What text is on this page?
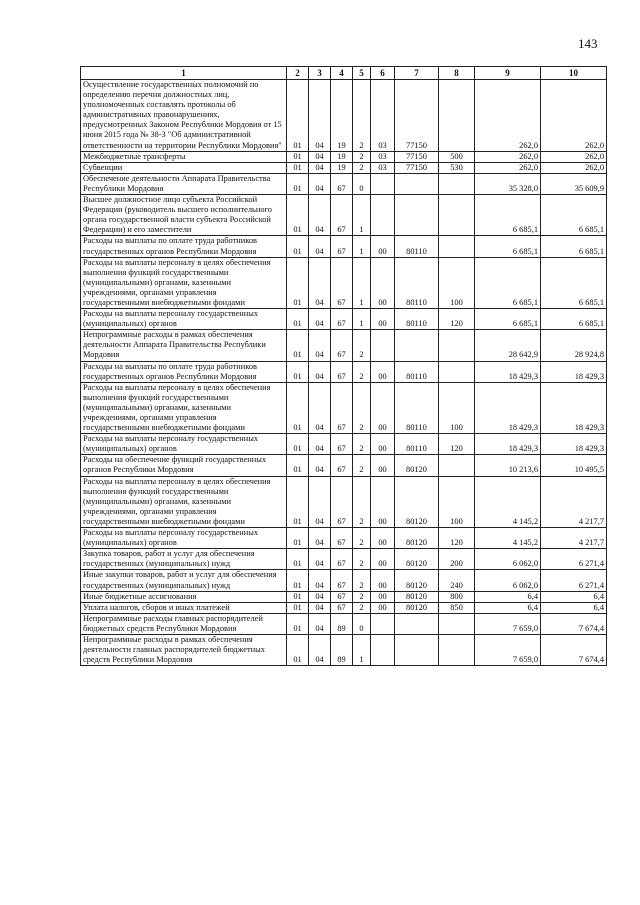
143
1	2	3	4	5	6	7	8	9	10
Осуществление государственных полномочий по определению перечня должностных лиц, уполномоченных составлять протоколы об административных правонарушениях, предусмотренных Законом Республики Мордовия от 15 июня 2015 года № 38-З "Об административной ответственности на территории Республики Мордовия"	01	04	19	2	03	77150		262,0	262,0
Межбюджетные трансферты	01	04	19	2	03	77150	500	262,0	262,0
Субвенции	01	04	19	2	03	77150	530	262,0	262,0
Обеспечение деятельности Аппарата Правительства Республики Мордовия	01	04	67	0				35 328,0	35 609,9
Высшее должностное лицо субъекта Российской Федерации (руководитель высшего исполнительного органа государственной власти субъекта Российской Федерации) и его заместители	01	04	67	1				6 685,1	6 685,1
Расходы на выплаты по оплате труда работников государственных органов Республики Мордовия	01	04	67	1	00	80110		6 685,1	6 685,1
Расходы на выплаты персоналу в целях обеспечения выполнения функций государственными (муниципальными) органами, казенными учреждениями, органами управления государственными внебюджетными фондами	01	04	67	1	00	80110	100	6 685,1	6 685,1
Расходы на выплаты персоналу государственных (муниципальных) органов	01	04	67	1	00	80110	120	6 685,1	6 685,1
Непрограммные расходы в рамках обеспечения деятельности Аппарата Правительства Республики Мордовия	01	04	67	2				28 642,9	28 924,8
Расходы на выплаты по оплате труда работников государственных органов Республики Мордовия	01	04	67	2	00	80110		18 429,3	18 429,3
Расходы на выплаты персоналу в целях обеспечения выполнения функций государственными (муниципальными) органами, казенными учреждениями, органами управления государственными внебюджетными фондами	01	04	67	2	00	80110	100	18 429,3	18 429,3
Расходы на выплаты персоналу государственных (муниципальных) органов	01	04	67	2	00	80110	120	18 429,3	18 429,3
Расходы на обеспечение функций государственных органов Республики Мордовия	01	04	67	2	00	80120		10 213,6	10 495,5
Расходы на выплаты персоналу в целях обеспечения выполнения функций государственными (муниципальными) органами, казенными учреждениями, органами управления государственными внебюджетными фондами	01	04	67	2	00	80120	100	4 145,2	4 217,7
Расходы на выплаты персоналу государственных (муниципальных) органов	01	04	67	2	00	80120	120	4 145,2	4 217,7
Закупка товаров, работ и услуг для обеспечения государственных (муниципальных) нужд	01	04	67	2	00	80120	200	6 062,0	6 271,4
Иные закупки товаров, работ и услуг для обеспечения государственных (муниципальных) нужд	01	04	67	2	00	80120	240	6 062,0	6 271,4
Иные бюджетные ассигнования	01	04	67	2	00	80120	800	6,4	6,4
Уплата налогов, сборов и иных платежей	01	04	67	2	00	80120	850	6,4	6,4
Непрограммные расходы главных распорядителей бюджетных средств Республики Мордовия	01	04	89	0				7 659,0	7 674,4
Непрограммные расходы в рамках обеспечения деятельности главных распорядителей бюджетных средств Республики Мордовия	01	04	89	1				7 659,0	7 674,4
